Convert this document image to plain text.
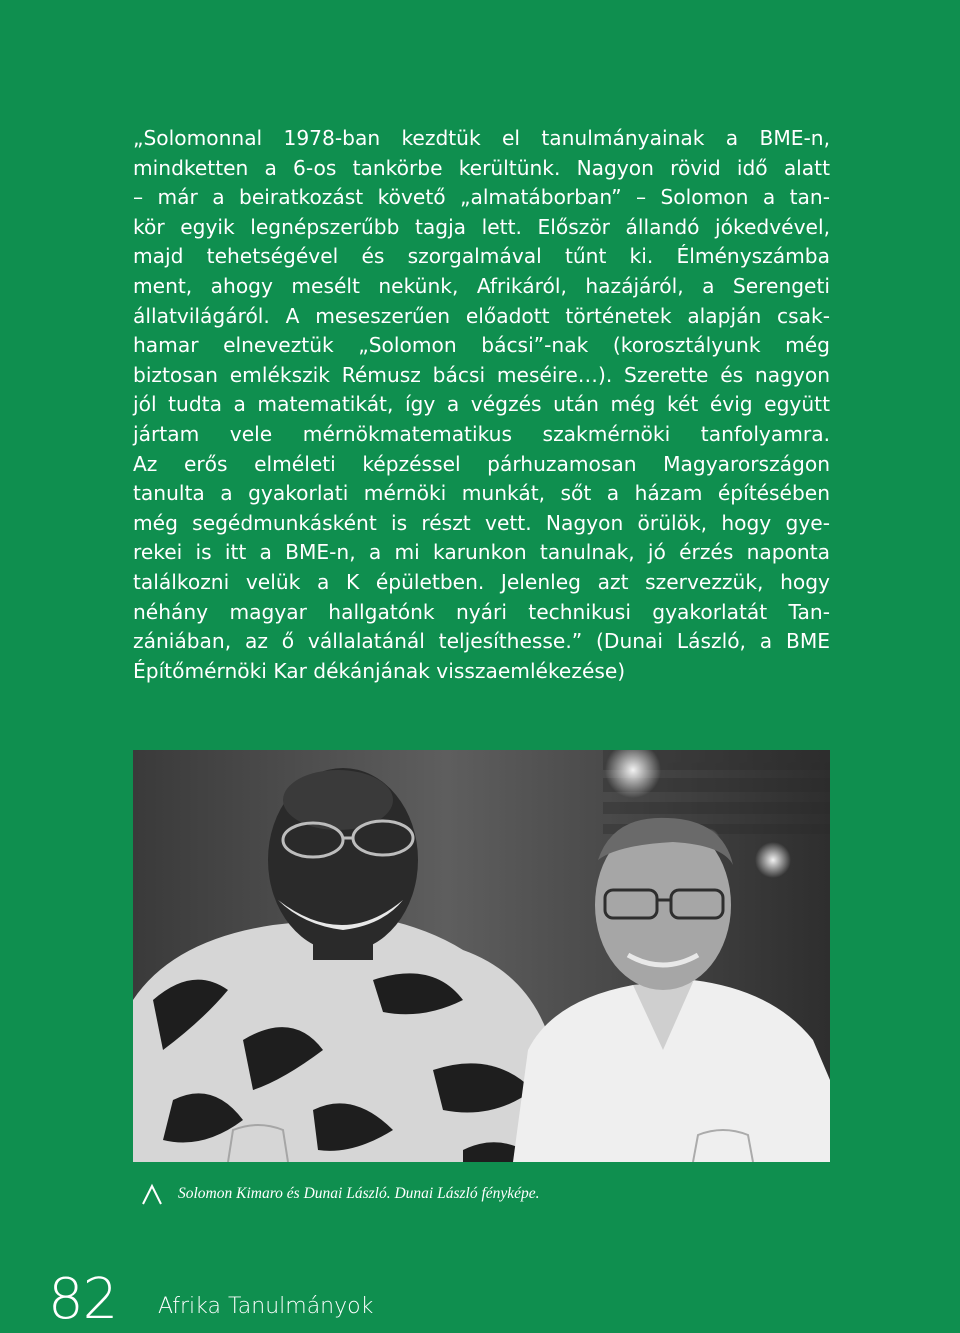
„Solomonnal 1978-ban kezdtük el tanulmányainak a BME-n,
mindketten a 6-os tankörbe kerültünk. Nagyon rövid idő alatt
– már a beiratkozást követő „almatáborban” – Solomon a tan-
kör egyik legnépszerűbb tagja lett. Először állandó jókedvével,
majd tehetségével és szorgalmával tűnt ki. Élményszámba
ment, ahogy mesélt nekünk, Afrikáról, hazájáról, a Serengeti
állatvilágáról. A meseszerűen előadott történetek alapján csak-
hamar elneveztük „Solomon bácsi”-nak (korosztályunk még
biztosan emlékszik Rémusz bácsi meséire…). Szerette és nagyon
jól tudta a matematikát, így a végzés után még két évig együtt
jártam vele mérnökmatematikus szakmérnöki tanfolyamra.
Az erős elméleti képzéssel párhuzamosan Magyarországon
tanulta a gyakorlati mérnöki munkát, sőt a házam építésében
még segédmunkásként is részt vett. Nagyon örülök, hogy gye-
rekei is itt a BME-n, a mi karunkon tanulnak, jó érzés naponta
találkozni velük a K épületben. Jelenleg azt szervezzük, hogy
néhány magyar hallgatónk nyári technikusi gyakorlatát Tan-
zániában, az ő vállalatánál teljesíthesse.” (Dunai László, a BME
Építőmérnöki Kar dékánjának visszaemlékezése)
Solomon Kimaro és Dunai László. Dunai László fényképe.
82 Afrika Tanulmányok
